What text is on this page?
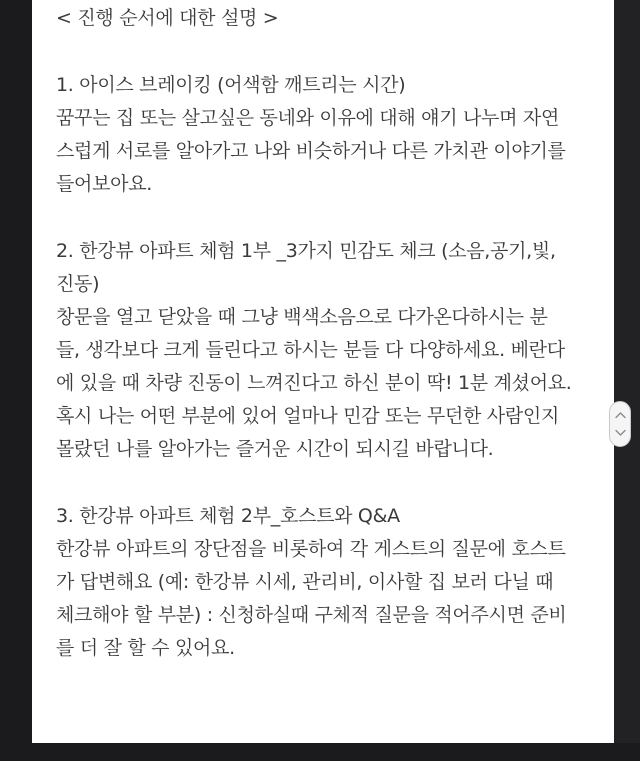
< 진행 순서에 대한 설명 >
1. 아이스 브레이킹 (어색함 깨트리는 시간)
꿈꾸는 집 또는 살고싶은 동네와 이유에 대해 얘기 나누며 자연
스럽게 서로를 알아가고 나와 비슷하거나 다른 가치관 이야기를
들어보아요.
2. 한강뷰 아파트 체험 1부 _3가지 민감도 체크 (소음,공기,빛,
진동)
창문을 열고 닫았을 때 그냥 백색소음으로 다가온다하시는 분
들, 생각보다 크게 들린다고 하시는 분들 다 다양하세요. 베란다
에 있을 때 차량 진동이 느껴진다고 하신 분이 딱! 1분 계셨어요.
혹시 나는 어떤 부분에 있어 얼마나 민감 또는 무던한 사람인지
몰랐던 나를 알아가는 즐거운 시간이 되시길 바랍니다.
3. 한강뷰 아파트 체험 2부_호스트와 Q&A
한강뷰 아파트의 장단점을 비롯하여 각 게스트의 질문에 호스트
가 답변해요 (예: 한강뷰 시세, 관리비, 이사할 집 보러 다닐 때
체크해야 할 부분) : 신청하실때 구체적 질문을 적어주시면 준비
를 더 잘 할 수 있어요.
